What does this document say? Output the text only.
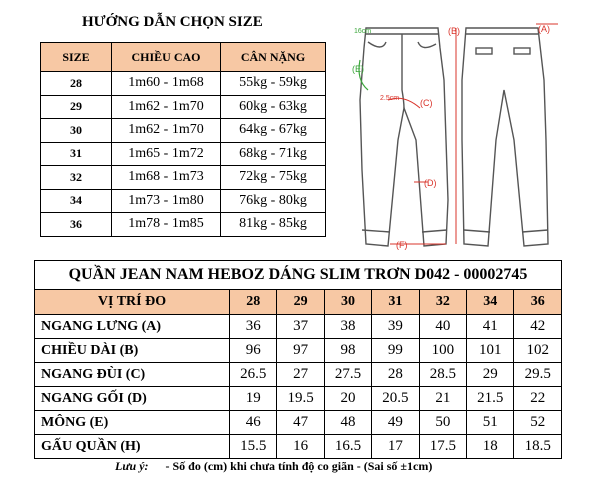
HƯỚNG DẪN CHỌN SIZE
SIZE	CHIỀU CAO	CÂN NẶNG
28	1m60 - 1m68	55kg - 59kg
29	1m62 - 1m70	60kg - 63kg
30	1m62 - 1m70	64kg - 67kg
31	1m65 - 1m72	68kg - 71kg
32	1m68 - 1m73	72kg - 75kg
34	1m73 - 1m80	76kg - 80kg
36	1m78 - 1m85	81kg - 85kg
(B)	(A)
(C)
(D)
(F)
2.5cm
(E)
16cm
QUẦN JEAN NAM HEBOZ DÁNG SLIM TRƠN D042 - 00002745							
VỊ TRÍ ĐO	28	29	30	31	32	34	36
NGANG LƯNG (A)	36	37	38	39	40	41	42
CHIỀU DÀI (B)	96	97	98	99	100	101	102
NGANG ĐÙI (C)	26.5	27	27.5	28	28.5	29	29.5
NGANG GỐI (D)	19	19.5	20	20.5	21	21.5	22
MÔNG (E)	46	47	48	49	50	51	52
GẤU QUẦN (H)	15.5	16	16.5	17	17.5	18	18.5
Lưu ý: - Số đo (cm) khi chưa tính độ co giãn - (Sai số ±1cm)
